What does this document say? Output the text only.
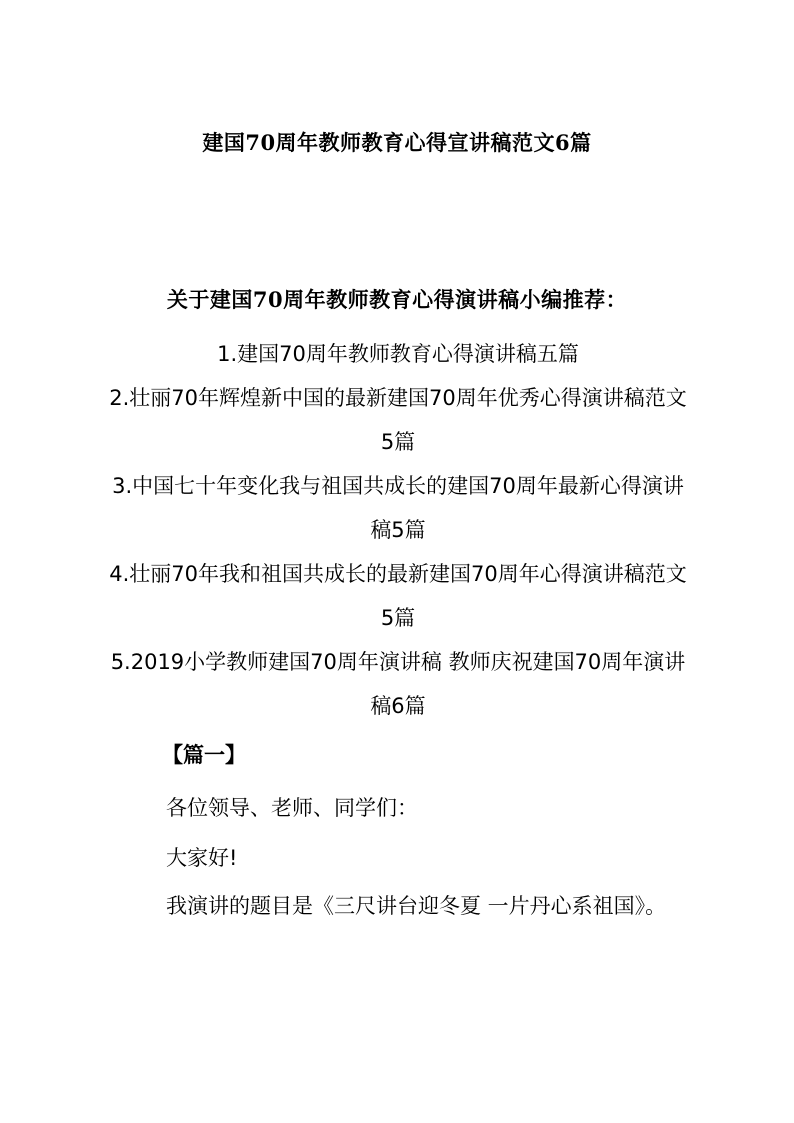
建国70周年教师教育心得宣讲稿范文6篇
关于建国70周年教师教育心得演讲稿小编推荐：
1.建国70周年教师教育心得演讲稿五篇
2.壮丽70年辉煌新中国的最新建国70周年优秀心得演讲稿范文5篇
3.中国七十年变化我与祖国共成长的建国70周年最新心得演讲稿5篇
4.壮丽70年我和祖国共成长的最新建国70周年心得演讲稿范文5篇
5.2019小学教师建国70周年演讲稿 教师庆祝建国70周年演讲稿6篇
【篇一】
各位领导、老师、同学们：
大家好!
我演讲的题目是《三尺讲台迎冬夏 一片丹心系祖国》。
